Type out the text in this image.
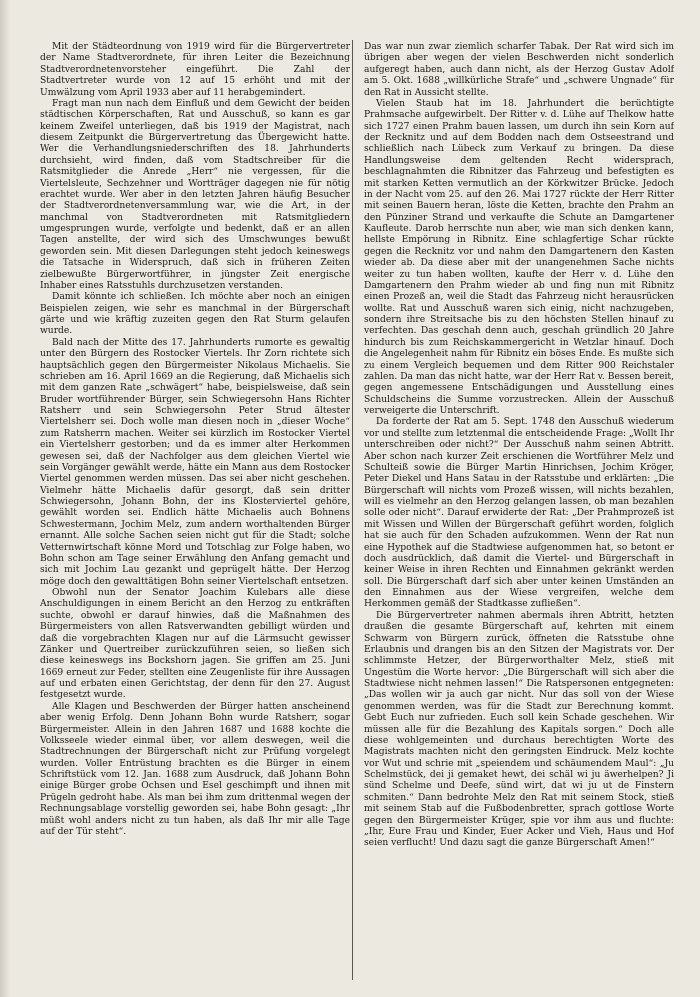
Mit der Städteordnung von 1919 wird für die Bürgervertreter der Name Stadtverordnete, für ihren Leiter die Bezeichnung Stadtverordnetenvorsteher eingeführt. Die Zahl der Stadtvertreter wurde von 12 auf 15 erhöht und mit der Umwälzung vom April 1933 aber auf 11 herabgemindert.

Fragt man nun nach dem Einfluß und dem Gewicht der beiden städtischen Körperschaften, Rat und Ausschuß, so kann es gar keinem Zweifel unterliegen, daß bis 1919 der Magistrat, nach diesem Zeitpunkt die Bürgervertretung das Übergewicht hatte. Wer die Verhandlungsniederschriften des 18. Jahrhunderts durchsieht, wird finden, daß vom Stadtschreiber für die Ratsmitglieder die Anrede „Herr“ nie vergessen, für die Viertelsleute, Sechzehner und Wortträger dagegen nie für nötig erachtet wurde. Wer aber in den letzten Jahren häufig Besucher der Stadtverordnetenversammlung war, wie die Art, in der manchmal von Stadtverordneten mit Ratsmitgliedern umgesprungen wurde, verfolgte und bedenkt, daß er an allen Tagen anstellte, der wird sich des Umschwunges bewußt geworden sein. Mit diesen Darlegungen steht jedoch keineswegs die Tatsache in Widerspruch, daß sich in früheren Zeiten zielbewußte Bürgerwortführer, in jüngster Zeit energische Inhaber eines Ratsstuhls durchzusetzen verstanden.

Damit könnte ich schließen. Ich möchte aber noch an einigen Beispielen zeigen, wie sehr es manchmal in der Bürgerschaft gärte und wie kräftig zuzeiten gegen den Rat Sturm gelaufen wurde.

Bald nach der Mitte des 17. Jahrhunderts rumorte es gewaltig unter den Bürgern des Rostocker Viertels. Ihr Zorn richtete sich hauptsächlich gegen den Bürgermeister Nikolaus Michaelis. Sie schrieben am 16. April 1669 an die Regierung, daß Michaelis sich mit dem ganzen Rate „schwägert“ habe, beispielsweise, daß sein Bruder wortführender Bürger, sein Schwiegersohn Hans Richter Ratsherr und sein Schwiegersohn Peter Strud ältester Viertelsherr sei. Doch wolle man diesen noch in „dieser Woche“ zum Ratsherrn machen. Weiter sei kürzlich im Rostocker Viertel ein Viertelsherr gestorben; und da es immer alter Herkommen gewesen sei, daß der Nachfolger aus dem gleichen Viertel wie sein Vorgänger gewählt werde, hätte ein Mann aus dem Rostocker Viertel genommen werden müssen. Das sei aber nicht geschehen. Vielmehr hätte Michaelis dafür gesorgt, daß sein dritter Schwiegersohn, Johann Bohn, der ins Klosterviertel gehöre, gewählt worden sei. Endlich hätte Michaelis auch Bohnens Schwestermann, Jochim Melz, zum andern worthaltenden Bürger ernannt. Alle solche Sachen seien nicht gut für die Stadt; solche Vetternwirtschaft könne Mord und Totschlag zur Folge haben, wo Bohn schon am Tage seiner Erwählung den Anfang gemacht und sich mit Jochim Lau gezankt und geprügelt hätte. Der Herzog möge doch den gewalttätigen Bohn seiner Viertelschaft entsetzen.

Obwohl nun der Senator Joachim Kulebars alle diese Anschuldigungen in einem Bericht an den Herzog zu entkräften suchte, obwohl er darauf hinwies, daß die Maßnahmen des Bürgermeisters von allen Ratsverwandten gebilligt würden und daß die vorgebrachten Klagen nur auf die Lärmsucht gewisser Zänker und Quertreiber zurückzuführen seien, so ließen sich diese keineswegs ins Bockshorn jagen. Sie griffen am 25. Juni 1669 erneut zur Feder, stellten eine Zeugenliste für ihre Aussagen auf und erbaten einen Gerichtstag, der denn für den 27. August festgesetzt wurde.

Alle Klagen und Beschwerden der Bürger hatten anscheinend aber wenig Erfolg. Denn Johann Bohn wurde Ratsherr, sogar Bürgermeister. Allein in den Jahren 1687 und 1688 kochte die Volksseele wieder einmal über, vor allem deswegen, weil die Stadtrechnungen der Bürgerschaft nicht zur Prüfung vorgelegt wurden. Voller Entrüstung brachten es die Bürger in einem Schriftstück vom 12. Jan. 1688 zum Ausdruck, daß Johann Bohn einige Bürger grobe Ochsen und Esel geschimpft und ihnen mit Prügeln gedroht habe. Als man bei ihm zum drittenmal wegen der Rechnungsablage vorstellig geworden sei, habe Bohn gesagt: „Ihr müßt wohl anders nicht zu tun haben, als daß Ihr mir alle Tage auf der Tür steht“.

Das war nun zwar ziemlich scharfer Tabak. Der Rat wird sich im übrigen aber wegen der vielen Beschwerden nicht sonderlich aufgeregt haben, auch dann nicht, als der Herzog Gustav Adolf am 5. Okt. 1688 „willkürliche Strafe“ und „schwere Ungnade“ für den Rat in Aussicht stellte.

Vielen Staub hat im 18. Jahrhundert die berüchtigte Prahmsache aufgewirbelt. Der Ritter v. d. Lühe auf Thelkow hatte sich 1727 einen Prahm bauen lassen, um durch ihn sein Korn auf der Recknitz und auf dem Bodden nach dem Ostseestrand und schließlich nach Lübeck zum Verkauf zu bringen. Da diese Handlungsweise dem geltenden Recht widersprach, beschlagnahmten die Ribnitzer das Fahrzeug und befestigten es mit starken Ketten vermutlich an der Körkwitzer Brücke. Jedoch in der Nacht vom 25. auf den 26. Mai 1727 rückte der Herr Ritter mit seinen Bauern heran, löste die Ketten, brachte den Prahm an den Pünziner Strand und verkaufte die Schute an Damgartener Kaufleute. Darob herrschte nun aber, wie man sich denken kann, hellste Empörung in Ribnitz. Eine schlagfertige Schar rückte gegen die Recknitz vor und nahm den Damgartenern den Kasten wieder ab. Da diese aber mit der unangenehmen Sache nichts weiter zu tun haben wollten, kaufte der Herr v. d. Lühe den Damgartenern den Prahm wieder ab und fing nun mit Ribnitz einen Prozeß an, weil die Stadt das Fahrzeug nicht herausrücken wollte. Rat und Ausschuß waren sich einig, nicht nachzugeben, sondern ihre Streitsache bis zu den höchsten Stellen hinauf zu verfechten. Das geschah denn auch, geschah gründlich 20 Jahre hindurch bis zum Reichskammergericht in Wetzlar hinauf. Doch die Angelegenheit nahm für Ribnitz ein böses Ende. Es mußte sich zu einem Vergleich bequemen und dem Ritter 900 Reichstaler zahlen. Da man das nicht hatte, war der Herr Rat v. Bessen bereit, gegen angemessene Entschädigungen und Ausstellung eines Schuldscheins die Summe vorzustrecken. Allein der Ausschuß verweigerte die Unterschrift.

Da forderte der Rat am 5. Sept. 1748 den Ausschuß wiederum vor und stellte zum letztenmal die entscheidende Frage: „Wollt Ihr unterschreiben oder nicht?“ Der Ausschuß nahm seinen Abtritt. Aber schon nach kurzer Zeit erschienen die Wortführer Melz und Schulteiß sowie die Bürger Martin Hinrichsen, Jochim Kröger, Peter Diekel und Hans Satau in der Ratsstube und erklärten: „Die Bürgerschaft will nichts vom Prozeß wissen, will nichts bezahlen, will es vielmehr an den Herzog gelangen lassen, ob man bezahlen solle oder nicht“. Darauf erwiderte der Rat: „Der Prahmprozeß ist mit Wissen und Willen der Bürgerschaft geführt worden, folglich hat sie auch für den Schaden aufzukommen. Wenn der Rat nun eine Hypothek auf die Stadtwiese aufgenommen hat, so betont er doch ausdrücklich, daß damit die Viertel- und Bürgerschaft in keiner Weise in ihren Rechten und Einnahmen gekränkt werden soll. Die Bürgerschaft darf sich aber unter keinen Umständen an den Einnahmen aus der Wiese vergreifen, welche dem Herkommen gemäß der Stadtkasse zufließen“.

Die Bürgervertreter nahmen abermals ihren Abtritt, hetzten draußen die gesamte Bürgerschaft auf, kehrten mit einem Schwarm von Bürgern zurück, öffneten die Ratsstube ohne Erlaubnis und drangen bis an den Sitzen der Magistrats vor. Der schlimmste Hetzer, der Bürgerworthalter Melz, stieß mit Ungestüm die Worte hervor: „Die Bürgerschaft will sich aber die Stadtwiese nicht nehmen lassen!“ Die Ratspersonen entgegneten: „Das wollen wir ja auch gar nicht. Nur das soll von der Wiese genommen werden, was für die Stadt zur Berechnung kommt. Gebt Euch nur zufrieden. Euch soll kein Schade geschehen. Wir müssen alle für die Bezahlung des Kapitals sorgen.“ Doch alle diese wohlgemeinten und durchaus berechtigten Worte des Magistrats machten nicht den geringsten Eindruck. Melz kochte vor Wut und schrie mit „speiendem und schäumendem Maul“: „Ju Schelmstück, dei ji gemaket hewt, dei schäl wi ju äwerhelpen? Ji sünd Schelme und Deefe, sünd wirt, dat wi ju ut de Finstern schmiten.“ Dann bedrohte Melz den Rat mit seinem Stock, stieß mit seinem Stab auf die Fußbodenbretter, sprach gottlose Worte gegen den Bürgermeister Krüger, spie vor ihm aus und fluchte: „Ihr, Eure Frau und Kinder, Euer Acker und Vieh, Haus und Hof seien verflucht! Und dazu sagt die ganze Bürgerschaft Amen!“
